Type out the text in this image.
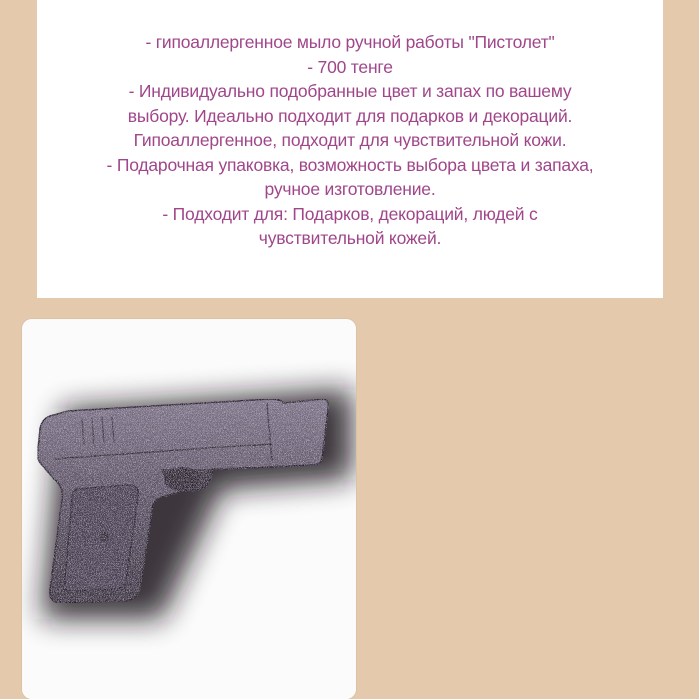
- гипоаллергенное мыло ручной работы "Пистолет"

- 700 тенге

- Индивидуально подобранные цвет и запах по вашему

выбору. Идеально подходит для подарков и декораций.

Гипоаллергенное, подходит для чувствительной кожи.

- Подарочная упаковка, возможность выбора цвета и запаха,

ручное изготовление.

- Подходит для: Подарков, декораций, людей с

чувствительной кожей.
